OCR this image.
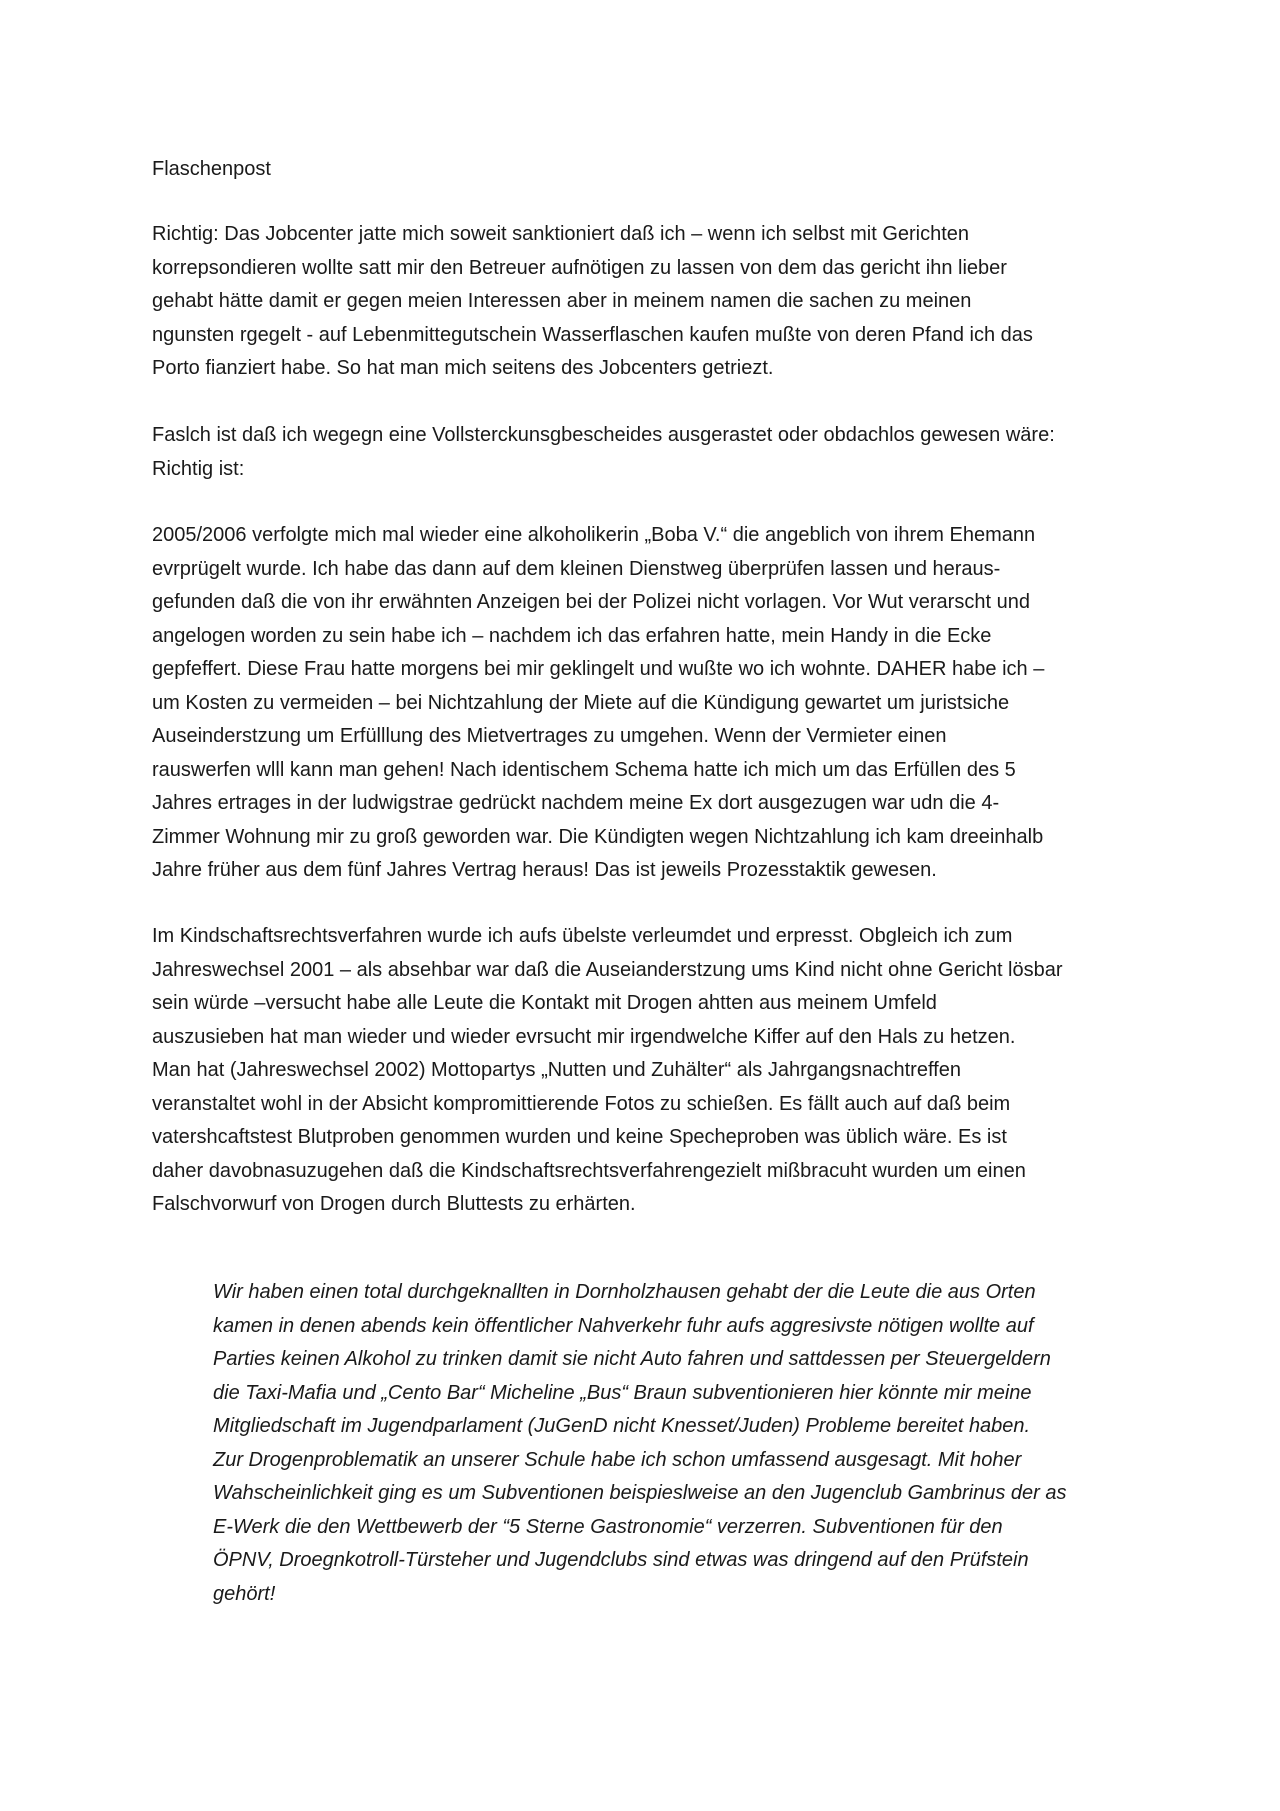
Flaschenpost

Richtig: Das Jobcenter jatte mich soweit sanktioniert daß ich – wenn ich selbst mit Gerichten
korrepsondieren wollte satt mir den Betreuer aufnötigen zu lassen von dem das gericht ihn lieber
gehabt hätte damit er gegen meien Interessen aber in meinem namen die sachen zu meinen
ngunsten rgegelt - auf Lebenmittegutschein Wasserflaschen kaufen mußte von deren Pfand ich das
Porto fianziert habe. So hat man mich seitens des Jobcenters getriezt.

Faslch ist daß ich wegegn eine Vollsterckunsgbescheides ausgerastet oder obdachlos gewesen wäre:
Richtig ist:

2005/2006 verfolgte mich mal wieder eine alkoholikerin „Boba V.“ die angeblich von ihrem Ehemann
evrprügelt wurde. Ich habe das dann auf dem kleinen Dienstweg überprüfen lassen und heraus-
gefunden daß die von ihr erwähnten Anzeigen bei der Polizei nicht vorlagen. Vor Wut verarscht und
angelogen worden zu sein habe ich – nachdem ich das erfahren hatte, mein Handy in die Ecke
gepfeffert. Diese Frau hatte morgens bei mir geklingelt und wußte wo ich wohnte. DAHER habe ich –
um Kosten zu vermeiden – bei Nichtzahlung der Miete auf die Kündigung gewartet um juristsiche
Auseinderstzung um Erfülllung des Mietvertrages zu umgehen. Wenn der Vermieter einen
rauswerfen wlll kann man gehen! Nach identischem Schema hatte ich mich um das Erfüllen des 5
Jahres ertrages in der ludwigstrae gedrückt nachdem meine Ex dort ausgezugen war udn die 4-
Zimmer Wohnung mir zu groß geworden war. Die Kündigten wegen Nichtzahlung ich kam dreeinhalb
Jahre früher aus dem fünf Jahres Vertrag heraus! Das ist jeweils Prozesstaktik gewesen.

Im Kindschaftsrechtsverfahren wurde ich aufs übelste verleumdet und erpresst. Obgleich ich zum
Jahreswechsel 2001 – als absehbar war daß die Auseianderstzung ums Kind nicht ohne Gericht lösbar
sein würde –versucht habe alle Leute die Kontakt mit Drogen ahtten aus meinem Umfeld
auszusieben hat man wieder und wieder evrsucht mir irgendwelche Kiffer auf den Hals zu hetzen.
Man hat (Jahreswechsel 2002) Mottopartys „Nutten und Zuhälter“ als Jahrgangsnachtreffen
veranstaltet wohl in der Absicht kompromittierende Fotos zu schießen. Es fällt auch auf daß beim
vatershcaftstest Blutproben genommen wurden und keine Specheproben was üblich wäre. Es ist
daher davobnasuzugehen daß die Kindschaftsrechtsverfahrengezielt mißbracuht wurden um einen
Falschvorwurf von Drogen durch Bluttests zu erhärten.

Wir haben einen total durchgeknallten in Dornholzhausen gehabt der die Leute die aus Orten
kamen in denen abends kein öffentlicher Nahverkehr fuhr aufs aggresivste nötigen wollte auf
Parties keinen Alkohol zu trinken damit sie nicht Auto fahren und sattdessen per Steuergeldern
die Taxi-Mafia und „Cento Bar“ Micheline „Bus“ Braun subventionieren hier könnte mir meine
Mitgliedschaft im Jugendparlament (JuGenD nicht Knesset/Juden) Probleme bereitet haben.
Zur Drogenproblematik an unserer Schule habe ich schon umfassend ausgesagt. Mit hoher
Wahscheinlichkeit ging es um Subventionen beispieslweise an den Jugenclub Gambrinus der as
E-Werk die den Wettbewerb der “5 Sterne Gastronomie“ verzerren. Subventionen für den
ÖPNV, Droegnkotroll-Türsteher und Jugendclubs sind etwas was dringend auf den Prüfstein
gehört!
